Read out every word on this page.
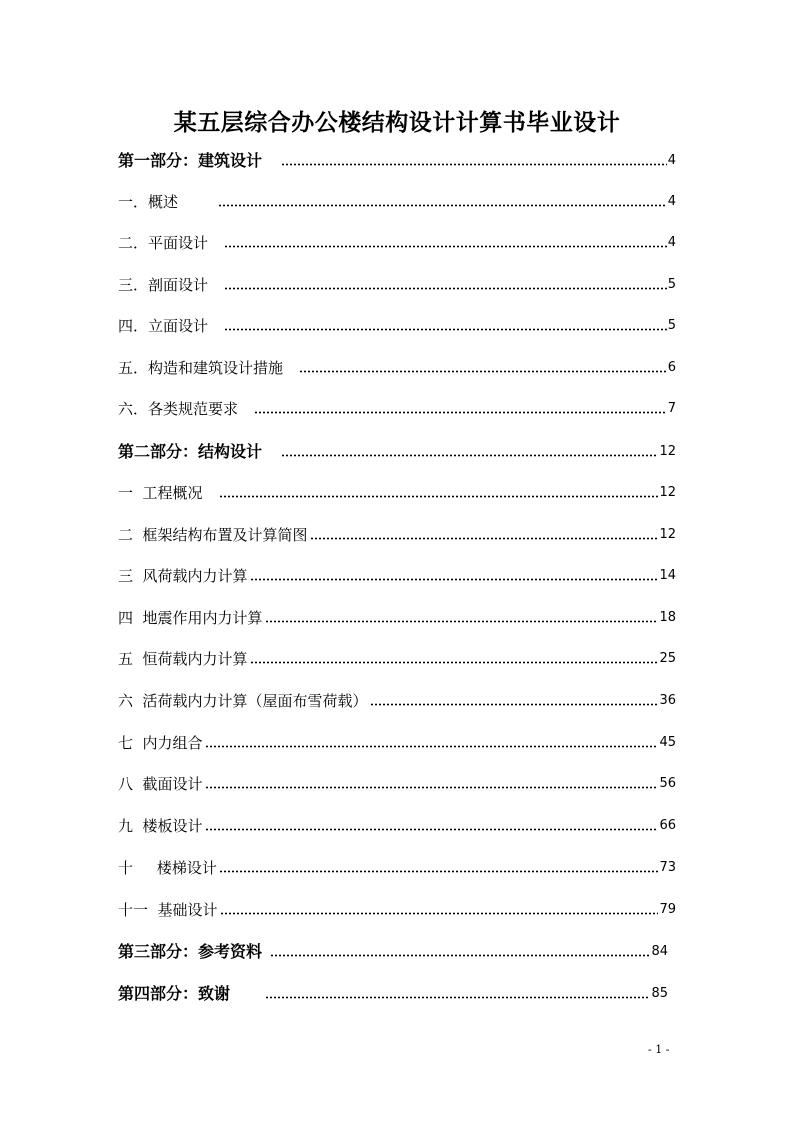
某五层综合办公楼结构设计计算书毕业设计
第一部分：建筑设计	4
一．概述	4
二．平面设计	4
三．剖面设计	5
四．立面设计	5
五．构造和建筑设计措施	6
六．各类规范要求	7
第二部分：结构设计	12
一  工程概况	12
二  框架结构布置及计算简图	12
三  风荷载内力计算	14
四  地震作用内力计算	18
五  恒荷载内力计算	25
六  活荷载内力计算（屋面布雪荷载）	36
七  内力组合	45
八  截面设计	56
九  楼板设计	66
十     楼梯设计	73
十一  基础设计	79
第三部分：参考资料	84
第四部分：致谢	85
- 1 -
